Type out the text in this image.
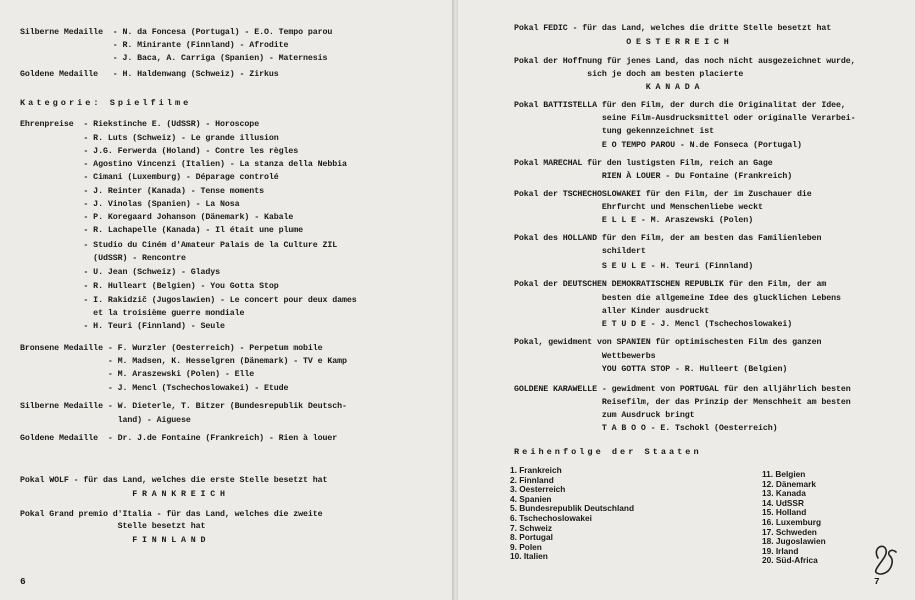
Silberne Medaille  - N. da Foncesa (Portugal) - E.O. Tempo parou
- R. Minirante (Finnland) - Afrodite
- J. Baca, A. Carriga (Spanien) - Maternesis
Goldene Medaille   - H. Haldenwang (Schweiz) - Zirkus
Kategorie: Spielfilme
Ehrenpreise  - Riekstinche E. (UdSSR) - Horoscope
- R. Luts (Schweiz) - Le grande illusion
- J.G. Ferwerda (Holand) - Contre les règles
- Agostino Vincenzi (Italien) - La stanza della Nebbia
- Cimani (Luxemburg) - Déparage controlé
- J. Reinter (Kanada) - Tense moments
- J. Vinolas (Spanien) - La Nosa
- P. Koregaard Johanson (Dänemark) - Kabale
- R. Lachapelle (Kanada) - Il était une plume
- Studio du Ciném d'Amateur Palais de la Culture ZIL
(UdSSR) - Rencontre
- U. Jean (Schweiz) - Gladys
- R. Hulleart (Belgien) - You Gotta Stop
- I. Rakidzič (Jugoslawien) - Le concert pour deux dames
et la troisième guerre mondiale
- H. Teuri (Finnland) - Seule
Bronsene Medaille - F. Wurzler (Oesterreich) - Perpetum mobile
- M. Madsen, K. Hesselgren (Dänemark) - TV e Kamp
- M. Araszewski (Polen) - Elle
- J. Mencl (Tschechoslowakei) - Etude
Silberne Medaille - W. Dieterle, T. Bitzer (Bundesrepublik Deutsch-
land) - Aiguese
Goldene Medaille  - Dr. J.de Fontaine (Frankreich) - Rien à louer
Pokal WOLF - für das Land, welches die erste Stelle besetzt hat
F R A N K R E I C H
Pokal Grand premio d'Italia - für das Land, welches die zweite
Stelle besetzt hat
F I N N L A N D
6
Pokal FEDIC - für das Land, welches die dritte Stelle besetzt hat
O E S T E R R E I C H
Pokal der Hoffnung für jenes Land, das noch nicht ausgezeichnet wurde,
sich je doch am besten placierte
K A N A D A
Pokal BATTISTELLA für den Film, der durch die Originalitat der Idee,
seine Film-Ausdrucksmittel oder originalle Verarbei-
tung gekennzeichnet ist
E O TEMPO PAROU - N.de Fonseca (Portugal)
Pokal MARECHAL für den lustigsten Film, reich an Gage
RIEN À LOUER - Du Fontaine (Frankreich)
Pokal der TSCHECHOSLOWAKEI für den Film, der im Zuschauer die
Ehrfurcht und Menschenliebe weckt
E L L E - M. Araszewski (Polen)
Pokal des HOLLAND für den Film, der am besten das Familienleben
schildert
S E U L E - H. Teuri (Finnland)
Pokal der DEUTSCHEN DEMOKRATISCHEN REPUBLIK für den Film, der am
besten die allgemeine Idee des glucklichen Lebens
aller Kinder ausdruckt
E T U D E - J. Mencl (Tschechoslowakei)
Pokal, gewidment von SPANIEN für optimischesten Film des ganzen
Wettbewerbs
YOU GOTTA STOP - R. Hulleert (Belgien)
GOLDENE KARAWELLE - gewidment von PORTUGAL für den alljährlich besten
Reisefilm, der das Prinzip der Menschheit am besten
zum Ausdruck bringt
T A B O O - E. Tschokl (Oesterreich)
Reihenfolge der Staaten
1. Frankreich
2. Finnland
3. Oesterreich
4. Spanien
5. Bundesrepublik Deutschland
6. Tschechoslowakei
7. Schweiz
8. Portugal
9. Polen
10. Italien
11. Belgien
12. Dänemark
13. Kanada
14. UdSSR
15. Holland
16. Luxemburg
17. Schweden
18. Jugoslawien
19. Irland
20. Süd-Africa
7
